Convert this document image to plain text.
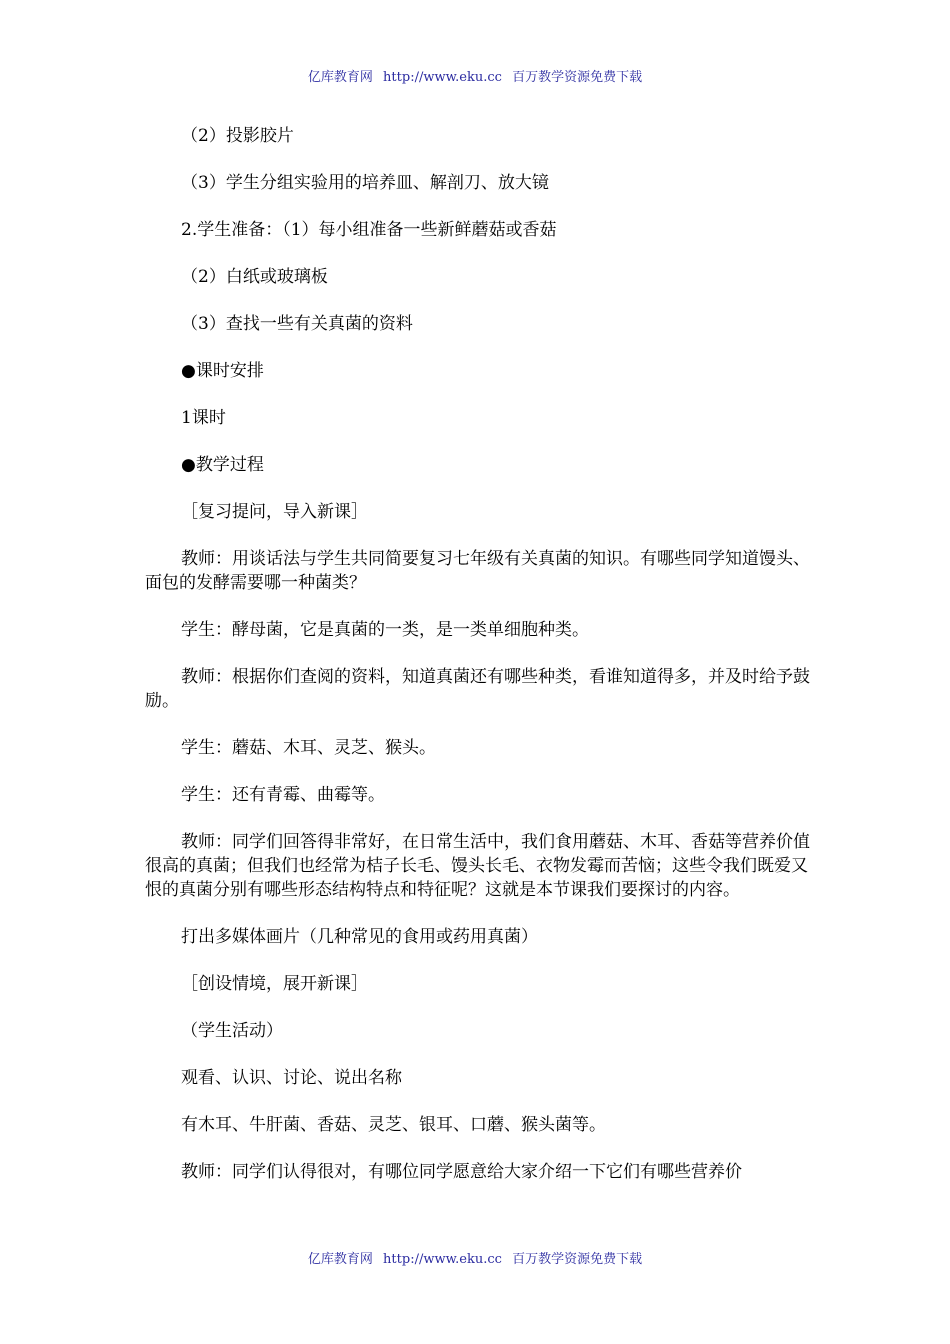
亿库教育网 http://www.eku.cc 百万教学资源免费下载

（2）投影胶片

（3）学生分组实验用的培养皿、解剖刀、放大镜

2.学生准备：（1）每小组准备一些新鲜蘑菇或香菇

（2）白纸或玻璃板

（3）查找一些有关真菌的资料

●课时安排

1课时

●教学过程

［复习提问，导入新课］

教师：用谈话法与学生共同简要复习七年级有关真菌的知识。有哪些同学知道馒头、面包的发酵需要哪一种菌类？

学生：酵母菌，它是真菌的一类，是一类单细胞种类。

教师：根据你们查阅的资料，知道真菌还有哪些种类，看谁知道得多，并及时给予鼓励。

学生：蘑菇、木耳、灵芝、猴头。

学生：还有青霉、曲霉等。

教师：同学们回答得非常好，在日常生活中，我们食用蘑菇、木耳、香菇等营养价值很高的真菌；但我们也经常为桔子长毛、馒头长毛、衣物发霉而苦恼；这些令我们既爱又恨的真菌分别有哪些形态结构特点和特征呢？这就是本节课我们要探讨的内容。

打出多媒体画片（几种常见的食用或药用真菌）

［创设情境，展开新课］

（学生活动）

观看、认识、讨论、说出名称

有木耳、牛肝菌、香菇、灵芝、银耳、口蘑、猴头菌等。

教师：同学们认得很对，有哪位同学愿意给大家介绍一下它们有哪些营养价

亿库教育网 http://www.eku.cc 百万教学资源免费下载
